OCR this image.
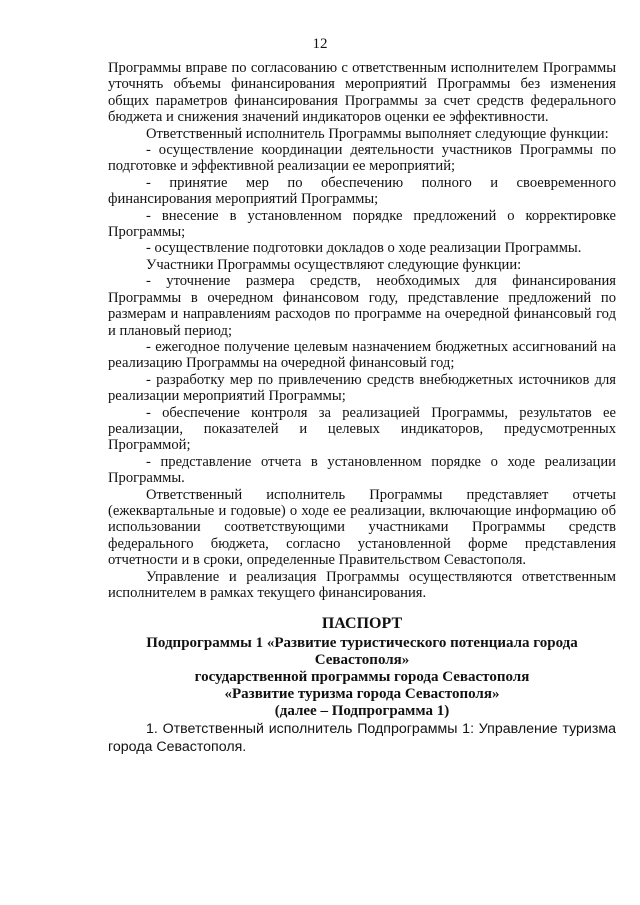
12

Программы вправе по согласованию с ответственным исполнителем Программы уточнять объемы финансирования мероприятий Программы без изменения общих параметров финансирования Программы за счет средств федерального бюджета и снижения значений индикаторов оценки ее эффективности.

Ответственный исполнитель Программы выполняет следующие функции:

- осуществление координации деятельности участников Программы по подготовке и эффективной реализации ее мероприятий;

- принятие мер по обеспечению полного и своевременного финансирования мероприятий Программы;

- внесение в установленном порядке предложений о корректировке Программы;

- осуществление подготовки докладов о ходе реализации Программы.

Участники Программы осуществляют следующие функции:

- уточнение размера средств, необходимых для финансирования Программы в очередном финансовом году, представление предложений по размерам и направлениям расходов по программе на очередной финансовый год и плановый период;

- ежегодное получение целевым назначением бюджетных ассигнований на реализацию Программы на очередной финансовый год;

- разработку мер по привлечению средств внебюджетных источников для реализации мероприятий Программы;

- обеспечение контроля за реализацией Программы, результатов ее реализации, показателей и целевых индикаторов, предусмотренных Программой;

- представление отчета в установленном порядке о ходе реализации Программы.

Ответственный исполнитель Программы представляет отчеты (ежеквартальные и годовые) о ходе ее реализации, включающие информацию об использовании соответствующими участниками Программы средств федерального бюджета, согласно установленной форме представления отчетности и в сроки, определенные Правительством Севастополя.

Управление и реализация Программы осуществляются ответственным исполнителем в рамках текущего финансирования.

ПАСПОРТ
Подпрограммы 1 «Развитие туристического потенциала города
Севастополя»
государственной программы города Севастополя
«Развитие туризма города Севастополя»
(далее – Подпрограмма 1)

1. Ответственный исполнитель Подпрограммы 1: Управление туризма города Севастополя.
